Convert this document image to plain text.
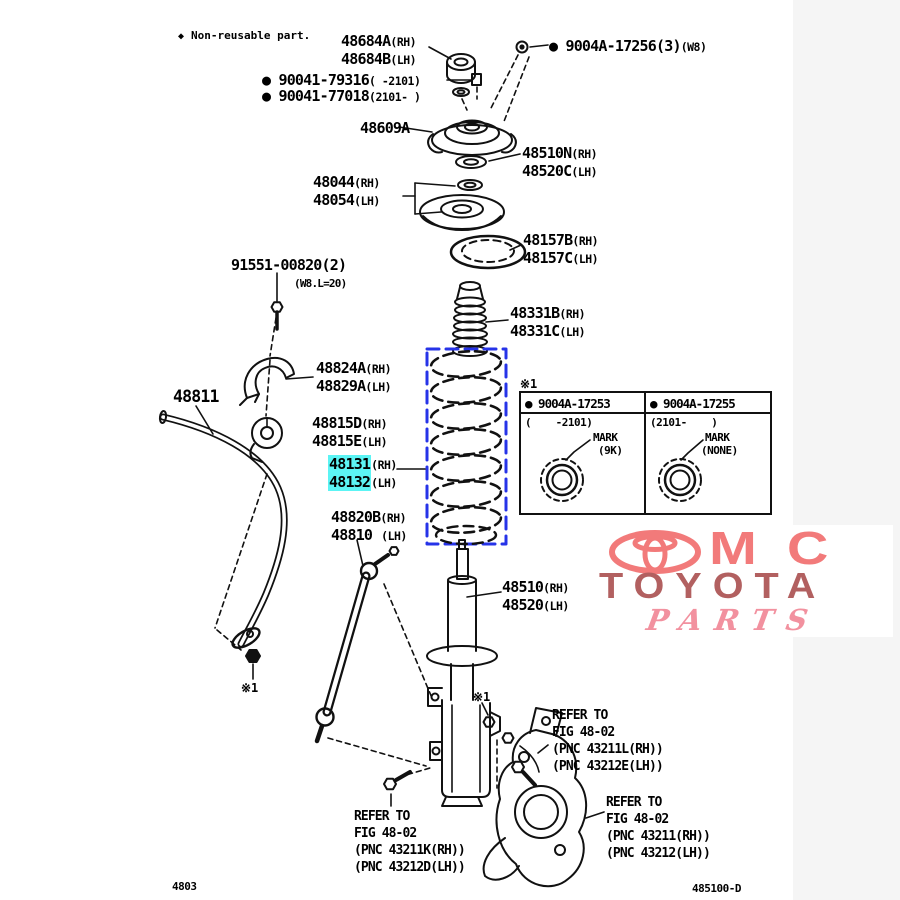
◆ Non-reusable part. 48684A(RH)
48684B(LH)
● 9004A-17256(3)(W8)
● 90041-79316( -2101)
● 90041-77018(2101- )
48609A
48510N(RH)
48520C(LH)
48044(RH)
48054(LH)
48157B(RH)
48157C(LH)
91551-00820(2)
(W8.L=20)
48331B(RH)
48331C(LH)
48824A(RH)
48829A(LH)
48811
48815D(RH)
48815E(LH)
48131(RH)
48132(LH)
48820B(RH)
48810 (LH)
48510(RH)
48520(LH)
※1
※1
※1
● 9004A-17253	● 9004A-17255
(    -2101)	(2101-    )
MARK
(9K)
MARK
(NONE)
REFER TO
FIG 48-02
(PNC 43211K(RH))
(PNC 43212D(LH))
REFER TO
FIG 48-02
(PNC 43211L(RH))
(PNC 43212E(LH))
REFER TO
FIG 48-02
(PNC 43211(RH))
(PNC 43212(LH))
4803	485100-D
MC
TOYOTA
PARTS
